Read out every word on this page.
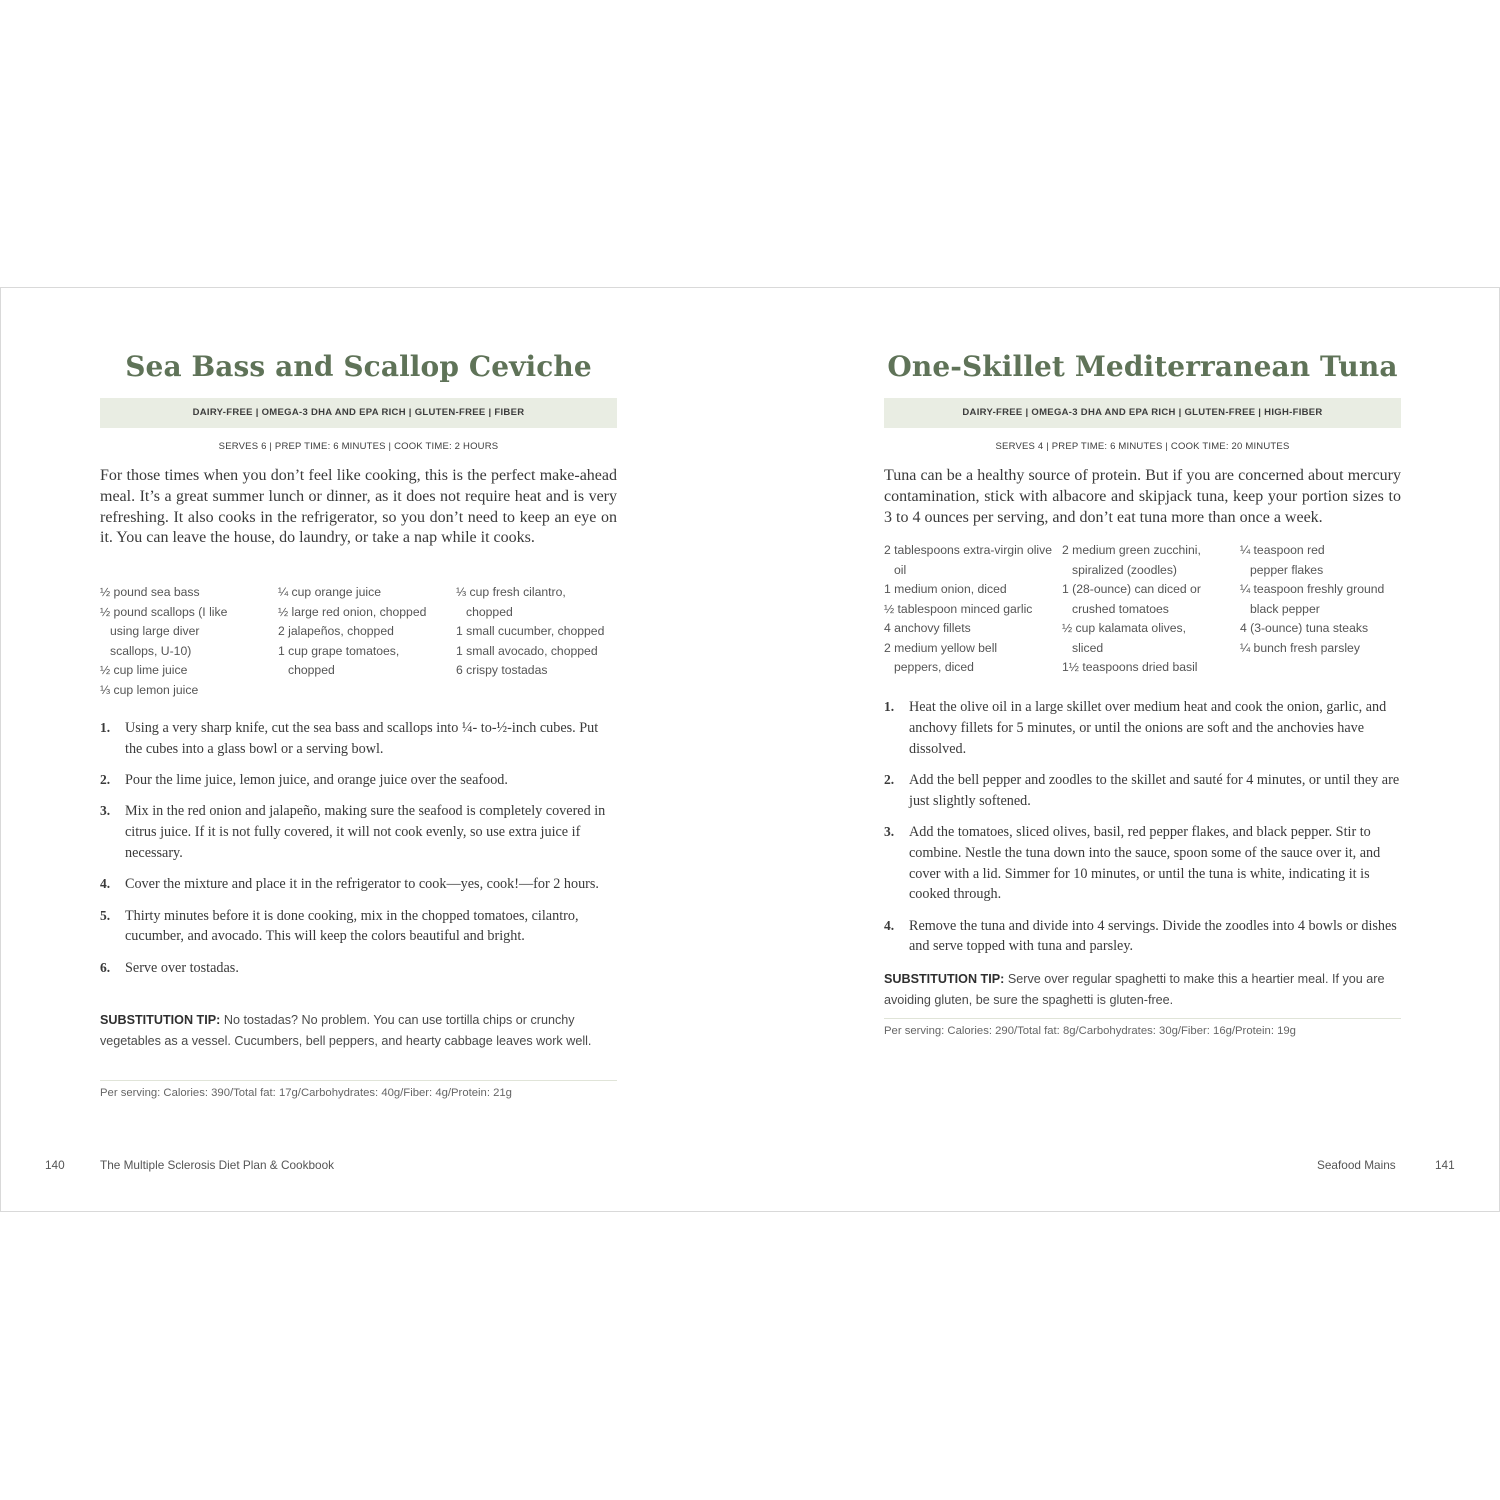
Sea Bass and Scallop Ceviche
DAIRY-FREE | OMEGA-3 DHA AND EPA RICH | GLUTEN-FREE | FIBER
SERVES 6 | PREP TIME: 6 MINUTES | COOK TIME: 2 HOURS

For those times when you don’t feel like cooking, this is the perfect make-ahead meal. It’s a great summer lunch or dinner, as it does not require heat and is very refreshing. It also cooks in the refrigerator, so you don’t need to keep an eye on it. You can leave the house, do laundry, or take a nap while it cooks.

½ pound sea bass
½ pound scallops (I like using large diver scallops, U-10)
½ cup lime juice
⅓ cup lemon juice
¼ cup orange juice
½ large red onion, chopped
2 jalapeños, chopped
1 cup grape tomatoes, chopped
⅓ cup fresh cilantro, chopped
1 small cucumber, chopped
1 small avocado, chopped
6 crispy tostadas
1. Using a very sharp knife, cut the sea bass and scallops into ¼- to-½-inch cubes. Put the cubes into a glass bowl or a serving bowl.
2. Pour the lime juice, lemon juice, and orange juice over the seafood.
3. Mix in the red onion and jalapeño, making sure the seafood is completely covered in citrus juice. If it is not fully covered, it will not cook evenly, so use extra juice if necessary.
4. Cover the mixture and place it in the refrigerator to cook—yes, cook!—for 2 hours.
5. Thirty minutes before it is done cooking, mix in the chopped tomatoes, cilantro, cucumber, and avocado. This will keep the colors beautiful and bright.
6. Serve over tostadas.

SUBSTITUTION TIP: No tostadas? No problem. You can use tortilla chips or crunchy vegetables as a vessel. Cucumbers, bell peppers, and hearty cabbage leaves work well.

Per serving: Calories: 390/Total fat: 17g/Carbohydrates: 40g/Fiber: 4g/Protein: 21g
140	The Multiple Sclerosis Diet Plan & Cookbook
One-Skillet Mediterranean Tuna
DAIRY-FREE | OMEGA-3 DHA AND EPA RICH | GLUTEN-FREE | HIGH-FIBER
SERVES 4 | PREP TIME: 6 MINUTES | COOK TIME: 20 MINUTES

Tuna can be a healthy source of protein. But if you are concerned about mercury contamination, stick with albacore and skipjack tuna, keep your portion sizes to 3 to 4 ounces per serving, and don’t eat tuna more than once a week.

2 tablespoons extra-virgin olive oil
1 medium onion, diced
½ tablespoon minced garlic
4 anchovy fillets
2 medium yellow bell peppers, diced
2 medium green zucchini, spiralized (zoodles)
1 (28-ounce) can diced or crushed tomatoes
½ cup kalamata olives, sliced
1½ teaspoons dried basil
¼ teaspoon red pepper flakes
¼ teaspoon freshly ground black pepper
4 (3-ounce) tuna steaks
¼ bunch fresh parsley
1. Heat the olive oil in a large skillet over medium heat and cook the onion, garlic, and anchovy fillets for 5 minutes, or until the onions are soft and the anchovies have dissolved.
2. Add the bell pepper and zoodles to the skillet and sauté for 4 minutes, or until they are just slightly softened.
3. Add the tomatoes, sliced olives, basil, red pepper flakes, and black pepper. Stir to combine. Nestle the tuna down into the sauce, spoon some of the sauce over it, and cover with a lid. Simmer for 10 minutes, or until the tuna is white, indicating it is cooked through.
4. Remove the tuna and divide into 4 servings. Divide the zoodles into 4 bowls or dishes and serve topped with tuna and parsley.

SUBSTITUTION TIP: Serve over regular spaghetti to make this a heartier meal. If you are avoiding gluten, be sure the spaghetti is gluten-free.

Per serving: Calories: 290/Total fat: 8g/Carbohydrates: 30g/Fiber: 16g/Protein: 19g
Seafood Mains	141
